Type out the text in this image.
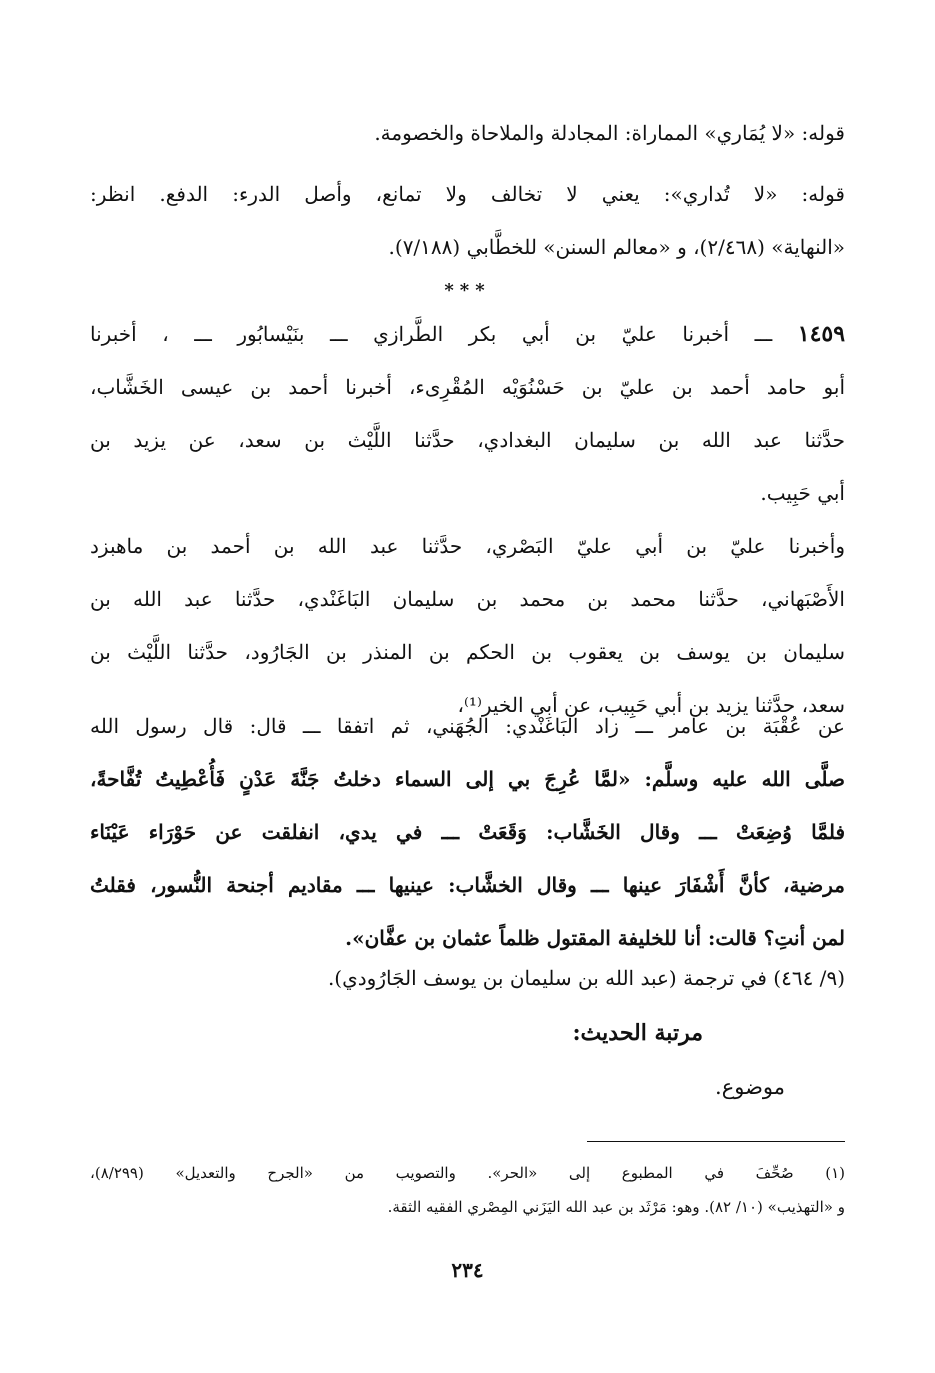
قوله: «لا يُمَاري» المماراة: المجادلة والملاحاة والخصومة.
قوله: «لا تُداري»: يعني لا تخالف ولا تمانع، وأصل الدرء: الدفع. انظر:
«النهاية» (٢/٤٦٨)، و «معالم السنن» للخطَّابي (٧/١٨٨).
***
١٤٥٩ ـــ أخبرنا عليّ بن أبي بكر الطَّرازي ـــ بنَيْسابُور ـــ ، أخبرنا
أبو حامد أحمد بن عليّ بن حَسْنُوَيْه المُقْرِىء، أخبرنا أحمد بن عيسى الخَشَّاب،
حدَّثنا عبد الله بن سليمان البغدادي، حدَّثنا اللَّيْث بن سعد، عن يزيد بن
أبي حَبِيب.
وأخبرنا عليّ بن أبي عليّ البَصْري، حدَّثنا عبد الله بن أحمد بن ماهبزد
الأَصْبَهاني، حدَّثنا محمد بن محمد بن سليمان البَاغَنْدي، حدَّثنا عبد الله بن
سليمان بن يوسف بن يعقوب بن الحكم بن المنذر بن الجَارُود، حدَّثنا اللَّيْث بن
سعد، حدَّثنا يزيد بن أبي حَبِيب، عن أبي الخير⁽¹⁾،
عن عُقْبَة بن عامر ـــ زاد البَاغَنْدي: الجُهَني، ثم اتفقا ـــ قال: قال رسول الله
صلَّى الله عليه وسلَّم: «لمَّا عُرِجَ بي إلى السماء دخلتُ جَنَّةَ عَدْنٍ فَأُعْطِيتُ تُفَّاحةً،
فلمَّا وُضِعَتْ ـــ وقال الخَشَّاب: وَقَعَتْ ـــ في يدي، انفلقت عن حَوْرَاء عَيْنَاء
مرضية، كأنَّ أَشْفَارَ عينها ـــ وقال الخشَّاب: عينيها ـــ مقاديم أجنحة النُّسور، فقلتُ
لمن أنتِ؟ قالت: أنا للخليفة المقتول ظلماً عثمان بن عفَّان».
(٩/ ٤٦٤) في ترجمة (عبد الله بن سليمان بن يوسف الجَارُودي).
مرتبة الحديث:
موضوع.
(١) صُحِّفَ في المطبوع إلى «الحر». والتصويب من «الجرح والتعديل» (٨/٢٩٩)،
و «التهذيب» (١٠/ ٨٢). وهو: مَرْثَد بن عبد الله اليَزَني المِصْري الفقيه الثقة.
٢٣٤
